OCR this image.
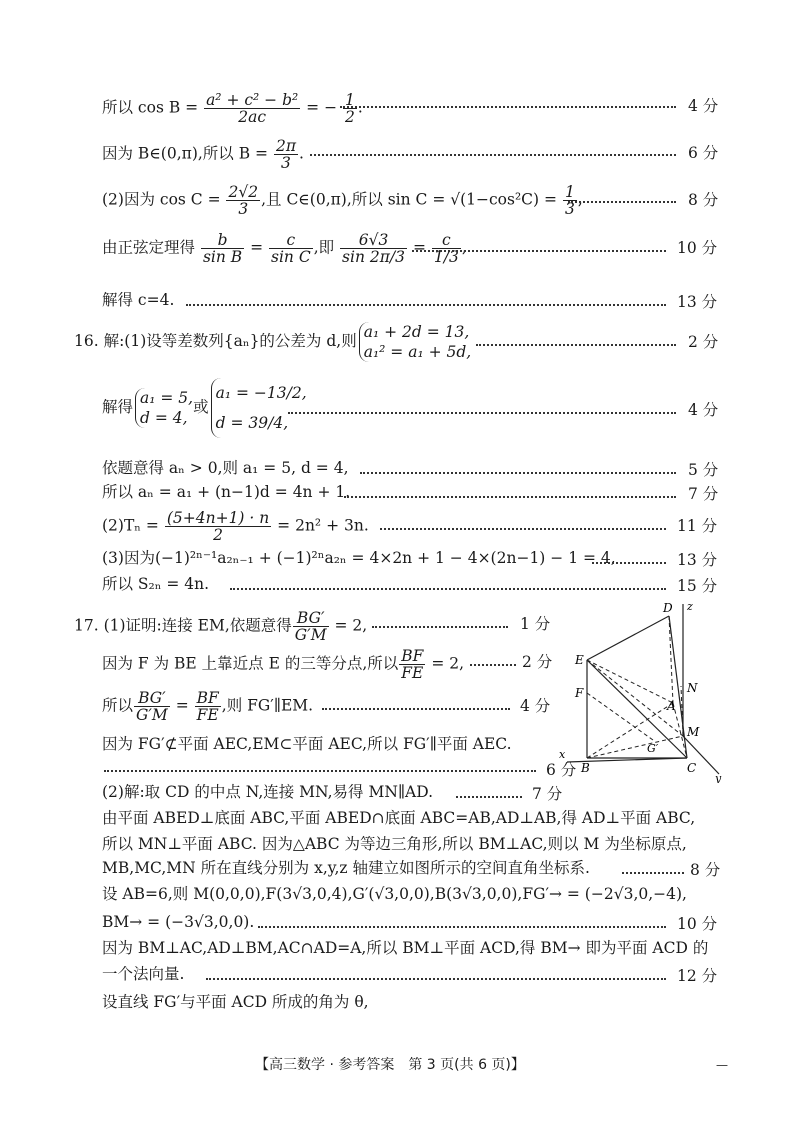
所以 $\cos B = \frac{\text{a² + c² − b²}}{2ac}$ = − $\frac{1}{2}$ .	4 分
因为 B∈(0,π),所以 $B = \frac{2\pi}{3}$ .	6 分
(2)因为 $\cos C = \frac{2√2}{3}$ ,且 C∈(0,π),所以 $\sin C = √(1-\cos^2C) = \frac{1}{3}$ ,	8 分
由正弦定理得 $\frac{b}{\text{sin B}} = \frac{c}{\text{sin C}}$ ,即 $\frac{6√3}{\sin 2\pi/3} = \frac{c}{1/3}$ ,	10 分
解得 c=4.	13 分
16. 解:(1)设等差数列{aₙ}的公差为 d,则 a₁ + 2d = 13,
a₁² = a₁ + 5d,
2 分
解得 a₁ = 5,
d = 4,
或
a₁ = −13/2,
d = 39/4,
4 分
依题意得 aₙ > 0,则 a₁ = 5, d = 4,	5 分
所以 aₙ = a₁ + (n−1)d = 4n + 1.	7 分
$(2)T_n = \frac{(5+4n+1) \cdot n}{2} = 2n^2 + 3n$.	11 分
(3)因为(−1)²ⁿ⁻¹a₂ₙ₋₁ + (−1)²ⁿa₂ₙ = 4×2n + 1 − 4×(2n−1) − 1 = 4,	13 分
所以 S₂ₙ = 4n.	15 分
17. (1)证明:连接 EM,依题意得 $\frac{BG'}{G'M} = 2$,	1 分
因为 F 为 BE 上靠近点 E 的三等分点,所以 $\frac{BF}{FE} = 2$,	2 分
所以 $\frac{BG'}{G'M} = \frac{BF}{FE}$ ,则 FG′∥EM.	4 分
因为 FG′⊄平面 AEC,EM⊂平面 AEC,所以 FG′∥平面 AEC.
6 分
(2)解:取 CD 的中点 N,连接 MN,易得 MN∥AD.	7 分
由平面 ABED⊥底面 ABC,平面 ABED∩底面 ABC=AB,AD⊥AB,得 AD⊥平面 ABC,
所以 MN⊥平面 ABC. 因为△ABC 为等边三角形,所以 BM⊥AC,则以 M 为坐标原点,
MB,MC,MN 所在直线分别为 x,y,z 轴建立如图所示的空间直角坐标系.	8 分
设 AB=6,则 M(0,0,0),F(3√3,0,4),G′(√3,0,0),B(3√3,0,0),FG′→ = (−2√3,0,−4),
BM→ = (−3√3,0,0).	10 分
因为 BM⊥AC,AD⊥BM,AC∩AD=A,所以 BM⊥平面 ACD,得 BM→ 即为平面 ACD 的
一个法向量.	12 分
设直线 FG′与平面 ACD 所成的角为 θ,
D z
E
F	N
A
M
G′
x
B	C
y
【高三数学 · 参考答案　第 3 页(共 6 页)】	—
